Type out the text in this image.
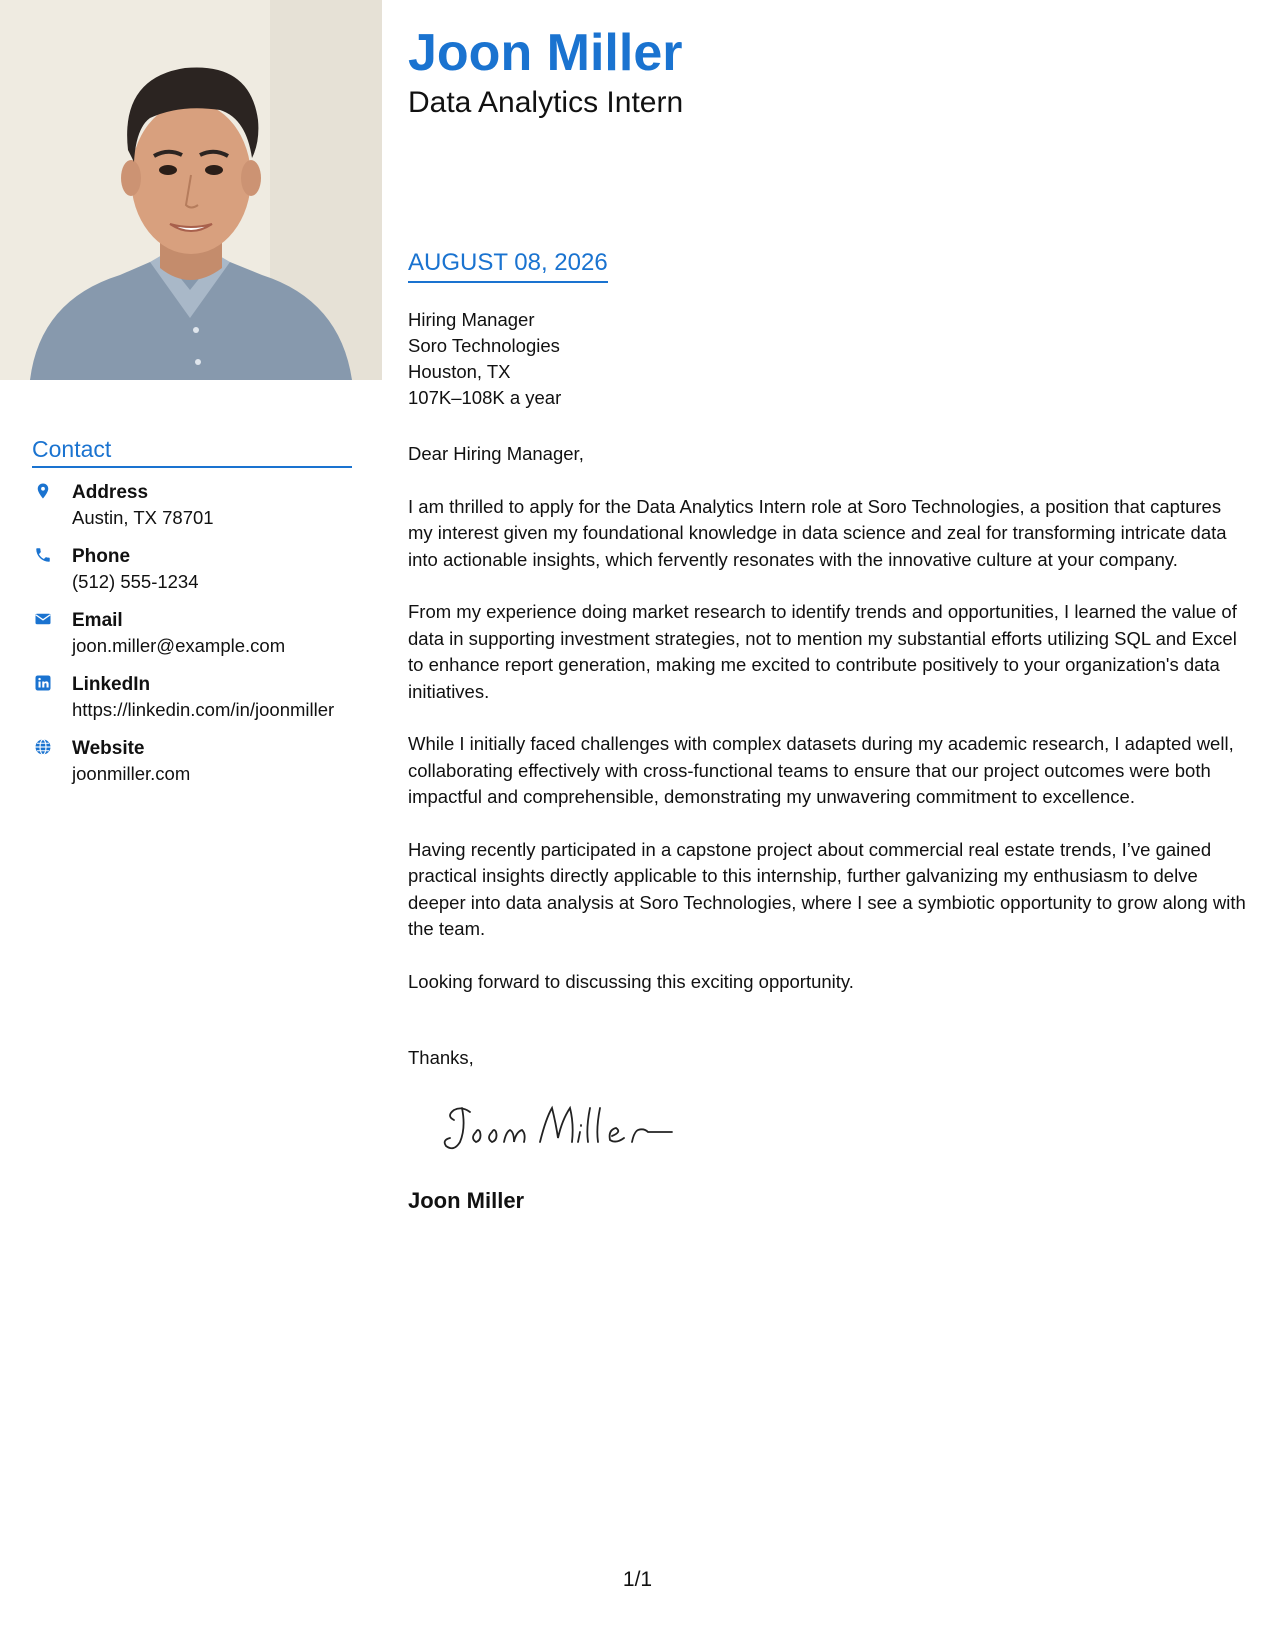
Contact
Address
Austin, TX 78701
Phone
(512) 555-1234
Email
joon.miller@example.com
LinkedIn
https://linkedin.com/in/joonmiller
Website
joonmiller.com
Joon Miller
Data Analytics Intern
AUGUST 08, 2026
Hiring Manager
Soro Technologies
Houston, TX
107K–108K a year

Dear Hiring Manager,

I am thrilled to apply for the Data Analytics Intern role at Soro Technologies, a position that captures my interest given my foundational knowledge in data science and zeal for transforming intricate data into actionable insights, which fervently resonates with the innovative culture at your company.

From my experience doing market research to identify trends and opportunities, I learned the value of data in supporting investment strategies, not to mention my substantial efforts utilizing SQL and Excel to enhance report generation, making me excited to contribute positively to your organization's data initiatives.

While I initially faced challenges with complex datasets during my academic research, I adapted well, collaborating effectively with cross-functional teams to ensure that our project outcomes were both impactful and comprehensible, demonstrating my unwavering commitment to excellence.

Having recently participated in a capstone project about commercial real estate trends, I’ve gained practical insights directly applicable to this internship, further galvanizing my enthusiasm to delve deeper into data analysis at Soro Technologies, where I see a symbiotic opportunity to grow along with the team.

Looking forward to discussing this exciting opportunity.

Thanks,
Joon Miller
1/1
